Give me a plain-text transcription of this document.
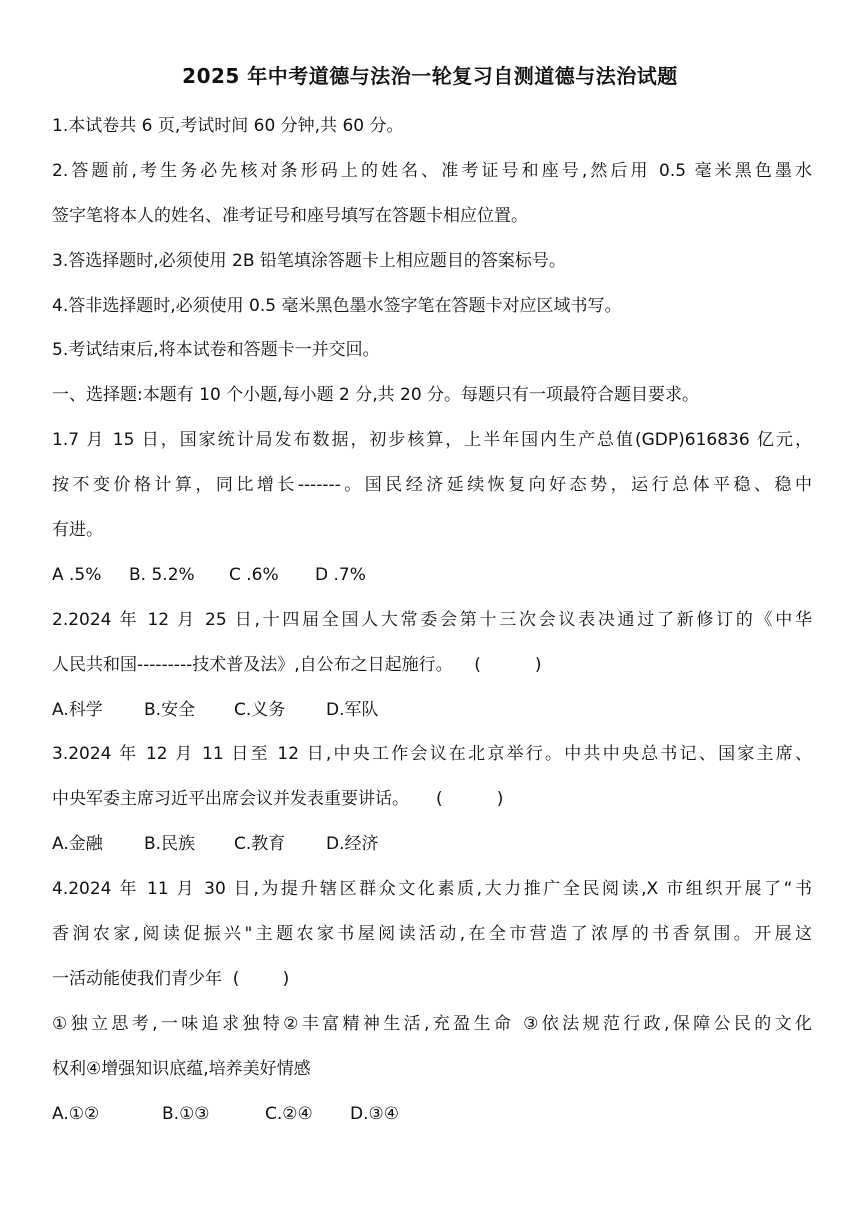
2025 年中考道德与法治一轮复习自测道德与法治试题
1.本试卷共 6 页,考试时间 60 分钟,共 60 分。
2.答题前,考生务必先核对条形码上的姓名、准考证号和座号,然后用 0.5 毫米黑色墨水
签字笔将本人的姓名、准考证号和座号填写在答题卡相应位置。
3.答选择题时,必须使用 2B 铅笔填涂答题卡上相应题目的答案标号。
4.答非选择题时,必须使用 0.5 毫米黑色墨水签字笔在答题卡对应区域书写。
5.考试结束后,将本试卷和答题卡一并交回。
一、选择题:本题有 10 个小题,每小题 2 分,共 20 分。每题只有一项最符合题目要求。
1.7 月 15 日，国家统计局发布数据，初步核算，上半年国内生产总值(GDP)616836 亿元，
按不变价格计算，同比增长-------。国民经济延续恢复向好态势，运行总体平稳、稳中
有进。
A .5%	B. 5.2%	C .6%	D .7%
2.2024 年 12 月 25 日,十四届全国人大常委会第十三次会议表决通过了新修订的《中华
人民共和国---------技术普及法》,自公布之日起施行。    (          )
A.科学	B.安全	C.义务	D.军队
3.2024 年 12 月 11 日至 12 日,中央工作会议在北京举行。中共中央总书记、国家主席、
中央军委主席习近平出席会议并发表重要讲话。     (          )
A.金融	B.民族	C.教育	D.经济
4.2024 年 11 月 30 日,为提升辖区群众文化素质,大力推广全民阅读,X 市组织开展了“书
香润农家,阅读促振兴"主题农家书屋阅读活动,在全市营造了浓厚的书香氛围。开展这
一活动能使我们青少年  (        )
①独立思考,一味追求独特②丰富精神生活,充盈生命 ③依法规范行政,保障公民的文化
权利④增强知识底蕴,培养美好情感
A.①②	B.①③	C.②④	D.③④
